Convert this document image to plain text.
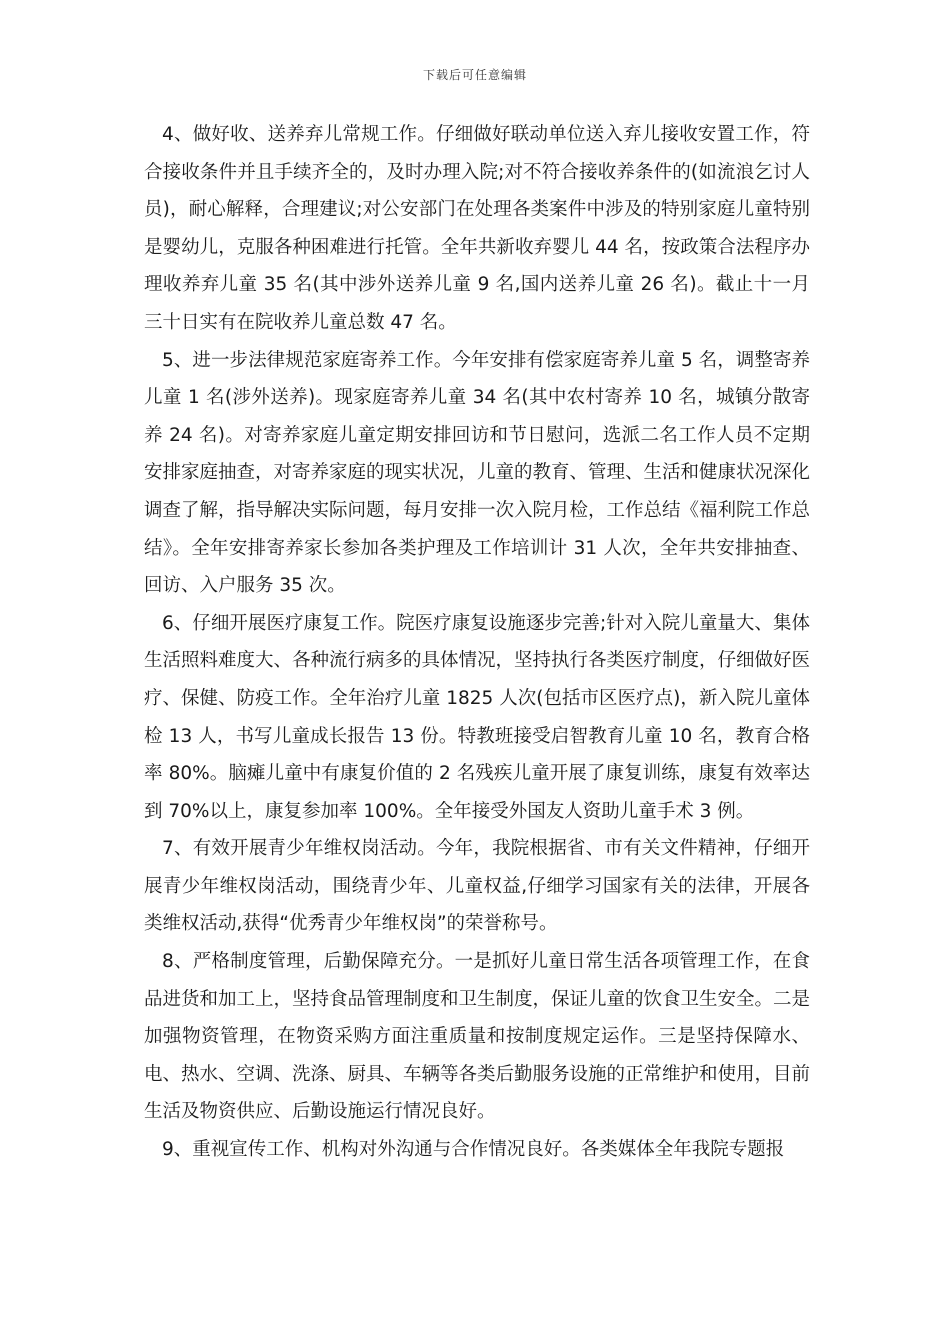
下载后可任意编辑

4、做好收、送养弃儿常规工作。仔细做好联动单位送入弃儿接收安置工作，符合接收条件并且手续齐全的，及时办理入院;对不符合接收养条件的(如流浪乞讨人员)，耐心解释，合理建议;对公安部门在处理各类案件中涉及的特别家庭儿童特别是婴幼儿，克服各种困难进行托管。全年共新收弃婴儿 44 名，按政策合法程序办理收养弃儿童 35 名(其中涉外送养儿童 9 名,国内送养儿童 26 名)。截止十一月三十日实有在院收养儿童总数 47 名。

5、进一步法律规范家庭寄养工作。今年安排有偿家庭寄养儿童 5 名，调整寄养儿童 1 名(涉外送养)。现家庭寄养儿童 34 名(其中农村寄养 10 名，城镇分散寄养 24 名)。对寄养家庭儿童定期安排回访和节日慰问，选派二名工作人员不定期安排家庭抽查，对寄养家庭的现实状况，儿童的教育、管理、生活和健康状况深化调查了解，指导解决实际问题，每月安排一次入院月检，工作总结《福利院工作总结》。全年安排寄养家长参加各类护理及工作培训计 31 人次，全年共安排抽查、回访、入户服务 35 次。

6、仔细开展医疗康复工作。院医疗康复设施逐步完善;针对入院儿童量大、集体生活照料难度大、各种流行病多的具体情况，坚持执行各类医疗制度，仔细做好医疗、保健、防疫工作。全年治疗儿童 1825 人次(包括市区医疗点)，新入院儿童体检 13 人，书写儿童成长报告 13 份。特教班接受启智教育儿童 10 名，教育合格率 80%。脑瘫儿童中有康复价值的 2 名残疾儿童开展了康复训练，康复有效率达到 70%以上，康复参加率 100%。全年接受外国友人资助儿童手术 3 例。

7、有效开展青少年维权岗活动。今年，我院根据省、市有关文件精神，仔细开展青少年维权岗活动，围绕青少年、儿童权益,仔细学习国家有关的法律，开展各类维权活动,获得“优秀青少年维权岗”的荣誉称号。

8、严格制度管理，后勤保障充分。一是抓好儿童日常生活各项管理工作，在食品进货和加工上，坚持食品管理制度和卫生制度，保证儿童的饮食卫生安全。二是加强物资管理，在物资采购方面注重质量和按制度规定运作。三是坚持保障水、电、热水、空调、洗涤、厨具、车辆等各类后勤服务设施的正常维护和使用，目前生活及物资供应、后勤设施运行情况良好。

9、重视宣传工作、机构对外沟通与合作情况良好。各类媒体全年我院专题报
